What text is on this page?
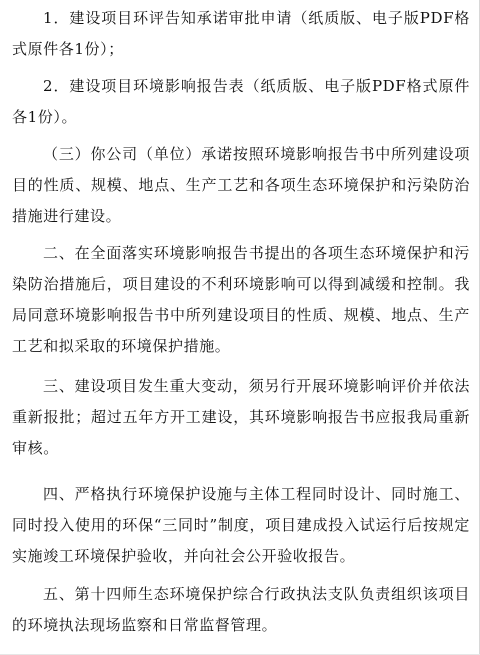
1．建设项目环评告知承诺审批申请（纸质版、电子版PDF格式原件各1份）；

2．建设项目环境影响报告表（纸质版、电子版PDF格式原件各1份）。

（三）你公司（单位）承诺按照环境影响报告书中所列建设项目的性质、规模、地点、生产工艺和各项生态环境保护和污染防治措施进行建设。

二、在全面落实环境影响报告书提出的各项生态环境保护和污染防治措施后，项目建设的不利环境影响可以得到减缓和控制。我局同意环境影响报告书中所列建设项目的性质、规模、地点、生产工艺和拟采取的环境保护措施。

三、建设项目发生重大变动，须另行开展环境影响评价并依法重新报批；超过五年方开工建设，其环境影响报告书应报我局重新审核。

四、严格执行环境保护设施与主体工程同时设计、同时施工、同时投入使用的环保“三同时”制度，项目建成投入试运行后按规定实施竣工环境保护验收，并向社会公开验收报告。

五、第十四师生态环境保护综合行政执法支队负责组织该项目的环境执法现场监察和日常监督管理。
